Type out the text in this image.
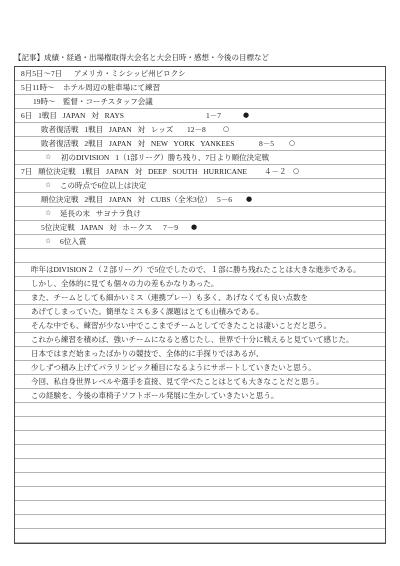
【記事】成績・経過・出場権取得大会名と大会日時・感想・今後の目標など
8月5日～7日 アメリカ・ミシシッピ州ビロクシ
5日11時～ ホテル周辺の駐車場にて練習
19時～ 監督・コーチスタッフ会議
6日 1戦目 JAPAN 対 RAYS	1－7	●
敗者復活戦 1戦目 JAPAN 対 レッズ 12－8 ○
敗者復活戦 2戦目 JAPAN 対 NEW YORK YANKEES	8－5 ○
☆ 初のDIVISION 1（1部リーグ）勝ち残り、7日より順位決定戦
7日 順位決定戦 1戦目 JAPAN 対 DEEP SOUTH HURRICANE ４－２ ○
☆ この時点で6位以上は決定
順位決定戦 2戦目 JAPAN 対 CUBS（全米3位） 5－6 ●
☆ 延長の末 サヨナラ負け
5位決定戦 JAPAN 対 ホークス 7－9 ●
☆ 6位入賞
昨年はDIVISION２（２部リーグ）で5位でしたので、１部に勝ち残れたことは大きな進歩である。
しかし、全体的に見ても個々の力の差もかなりあった。
また、チームとしても細かいミス（連携プレー）も多く、あげなくても良い点数を
あげてしまっていた。簡単なミスも多く課題はとても山積みである。
そんな中でも、練習が少ない中でここまでチームとしてできたことは凄いことだと思う。
これから練習を積めば、強いチームになると感じたし、世界で十分に戦えると見ていて感じた。
日本ではまだ始まったばかりの競技で、全体的に手探りではあるが、
少しずつ積み上げてパラリンピック種目になるようにサポートしていきたいと思う。
今回、私自身世界レベルや選手を直接、見て学べたことはとても大きなことだと思う。
この経験を、今後の車椅子ソフトボール発展に生かしていきたいと思う。
